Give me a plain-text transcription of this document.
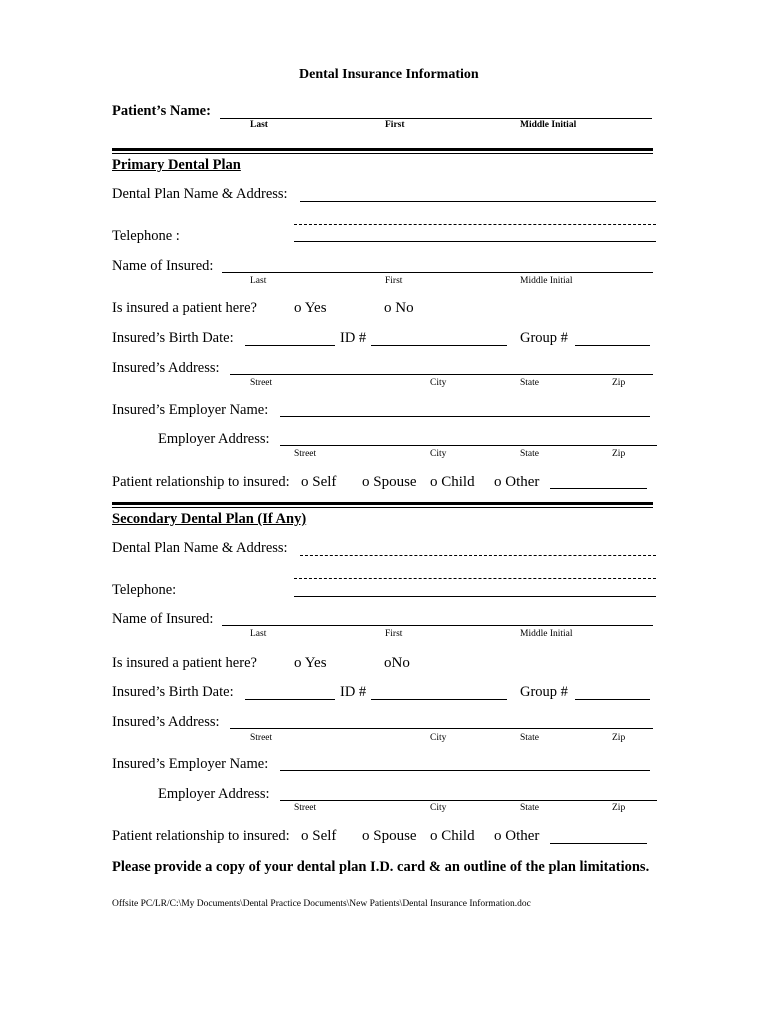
Dental Insurance Information
Patient’s Name:
Last	First	Middle Initial
Primary Dental Plan
Dental Plan Name & Address:
Telephone :
Name of Insured:
Last	First	Middle Initial
Is insured a patient here? o Yes	o No
Insured’s Birth Date:	ID #	Group #
Insured’s Address:
Street	City	State	Zip
Insured’s Employer Name:
Employer Address:
Street	City	State	Zip
Patient relationship to insured: o Self o Spouse o Child o Other
Secondary Dental Plan (If Any)
Dental Plan Name & Address:
Telephone:
Name of Insured:
Last	First	Middle Initial
Is insured a patient here? o Yes	oNo
Insured’s Birth Date:	ID #	Group #
Insured’s Address:
Street	City	State	Zip
Insured’s Employer Name:
Employer Address:
Street	City	State	Zip
Patient relationship to insured: o Self o Spouse o Child o Other
Please provide a copy of your dental plan I.D. card & an outline of the plan limitations.
Offsite PC/LR/C:\My Documents\Dental Practice Documents\New Patients\Dental Insurance Information.doc
